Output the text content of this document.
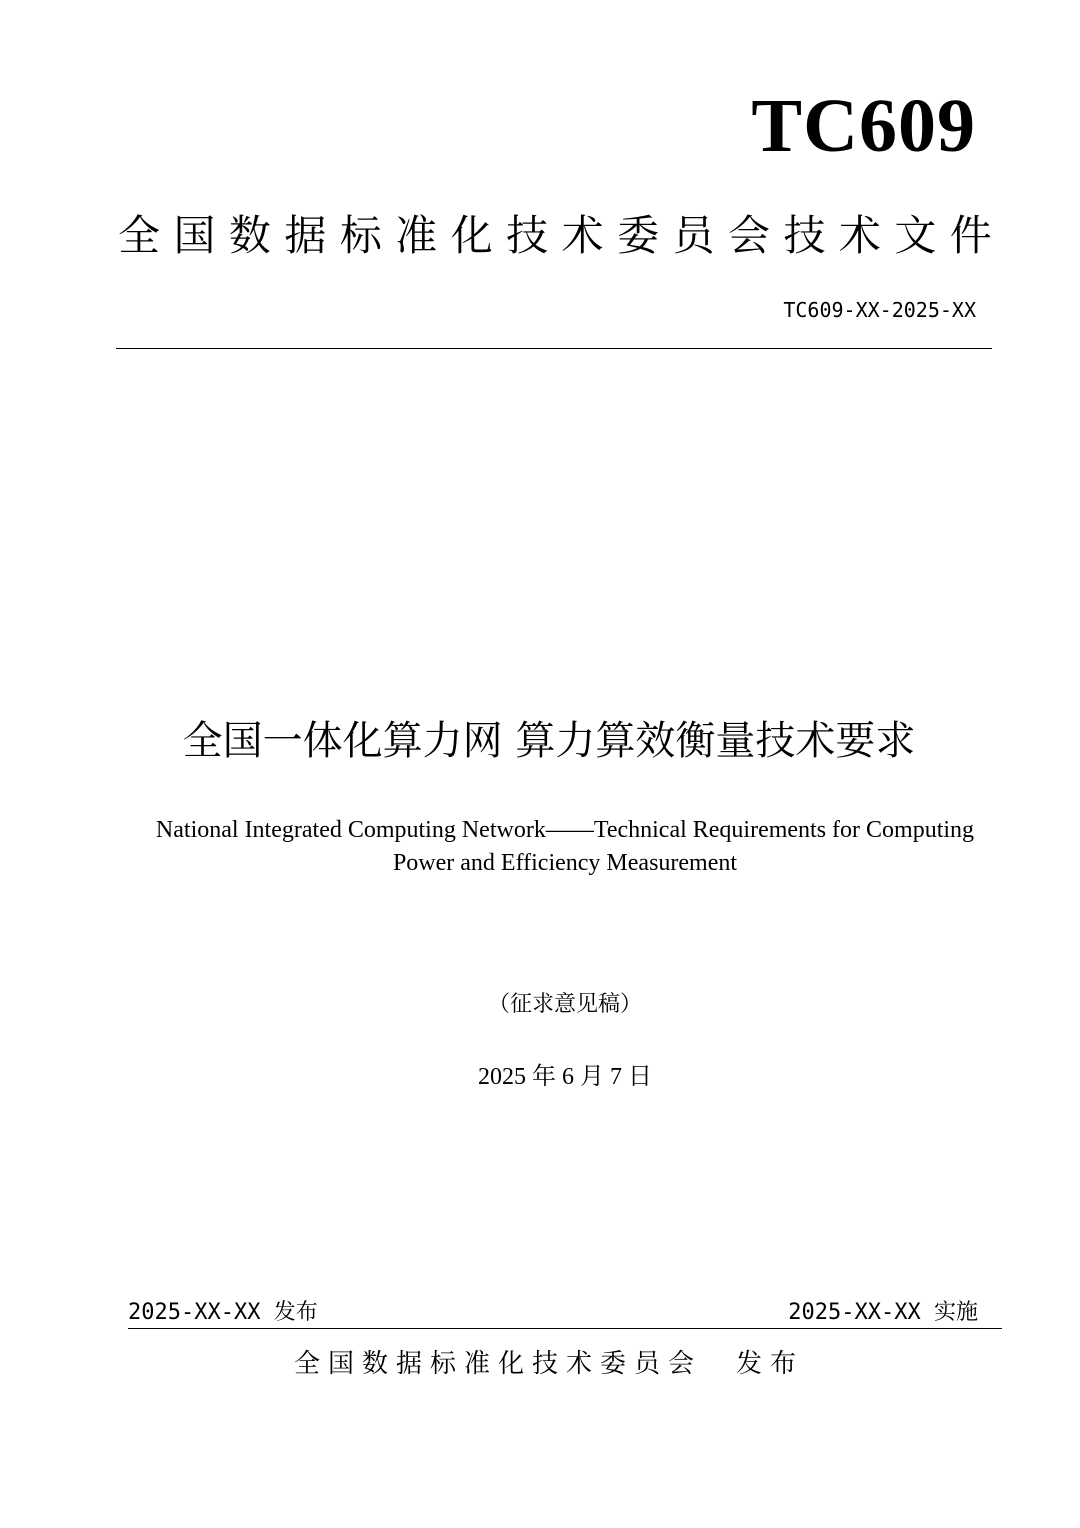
TC609
全 国 数 据 标 准 化 技 术 委 员 会 技 术 文 件
TC609-XX-2025-XX
全国一体化算力网 算力算效衡量技术要求
National Integrated Computing Network——Technical Requirements for Computing
Power and Efficiency Measurement
（征求意见稿）
2025 年 6 月 7 日
2025-XX-XX 发布	2025-XX-XX 实施
全国数据标准化技术委员会 发布
